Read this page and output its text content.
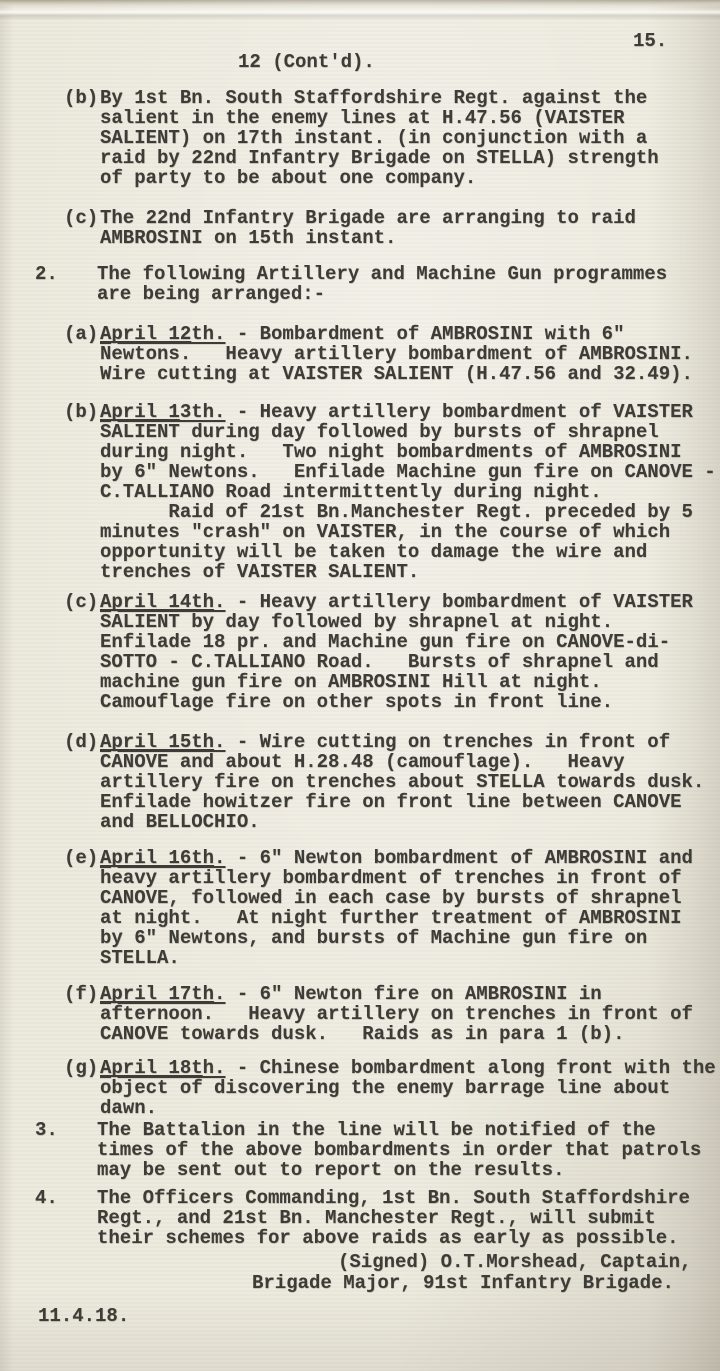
15.
12 (Cont'd).
(b) By 1st Bn. South Staffordshire Regt. against the
salient in the enemy lines at H.47.56 (VAISTER
SALIENT) on 17th instant. (in conjunction with a
raid by 22nd Infantry Brigade on STELLA) strength
of party to be about one company.
(c) The 22nd Infantry Brigade are arranging to raid
AMBROSINI on 15th instant.
2. The following Artillery and Machine Gun programmes
are being arranged:-
(a) April 12th. - Bombardment of AMBROSINI with 6"
Newtons.   Heavy artillery bombardment of AMBROSINI.
Wire cutting at VAISTER SALIENT (H.47.56 and 32.49).
(b) April 13th. - Heavy artillery bombardment of VAISTER
SALIENT during day followed by bursts of shrapnel
during night.   Two night bombardments of AMBROSINI
by 6" Newtons.   Enfilade Machine gun fire on CANOVE -
C.TALLIANO Road intermittently during night.
Raid of 21st Bn.Manchester Regt. preceded by 5
minutes "crash" on VAISTER, in the course of which
opportunity will be taken to damage the wire and
trenches of VAISTER SALIENT.
(c) April 14th. - Heavy artillery bombardment of VAISTER
SALIENT by day followed by shrapnel at night.
Enfilade 18 pr. and Machine gun fire on CANOVE-di-
SOTTO - C.TALLIANO Road.   Bursts of shrapnel and
machine gun fire on AMBROSINI Hill at night.
Camouflage fire on other spots in front line.
(d) April 15th. - Wire cutting on trenches in front of
CANOVE and about H.28.48 (camouflage).   Heavy
artillery fire on trenches about STELLA towards dusk.
Enfilade howitzer fire on front line between CANOVE
and BELLOCHIO.
(e) April 16th. - 6" Newton bombardment of AMBROSINI and
heavy artillery bombardment of trenches in front of
CANOVE, followed in each case by bursts of shrapnel
at night.   At night further treatment of AMBROSINI
by 6" Newtons, and bursts of Machine gun fire on
STELLA.
(f) April 17th. - 6" Newton fire on AMBROSINI in
afternoon.   Heavy artillery on trenches in front of
CANOVE towards dusk.   Raids as in para 1 (b).
(g) April 18th. - Chinese bombardment along front with the
object of discovering the enemy barrage line about
dawn.
3. The Battalion in the line will be notified of the
times of the above bombardments in order that patrols
may be sent out to report on the results.
4. The Officers Commanding, 1st Bn. South Staffordshire
Regt., and 21st Bn. Manchester Regt., will submit
their schemes for above raids as early as possible.
(Signed) O.T.Morshead, Captain,
Brigade Major, 91st Infantry Brigade.
11.4.18.
